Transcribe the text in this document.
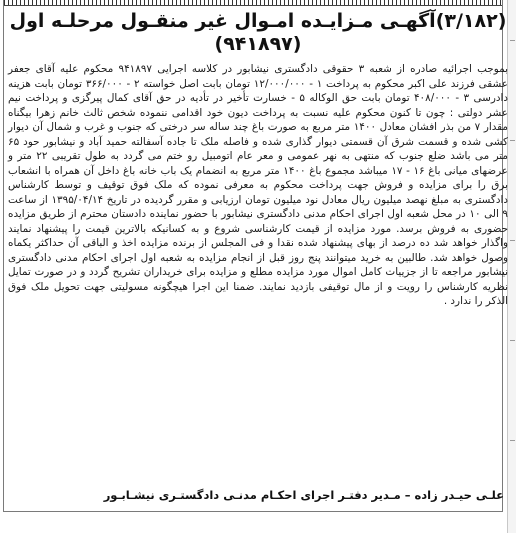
(۳/۱۸۲)آگهـی مـزایـده امـوال غیر منقـول مرحلـه اول (۹۴۱۸۹۷)
بموجب اجرائیه صادره از شعبه ۳ حقوقی دادگستری نیشابور در کلاسه اجرایی ۹۴۱۸۹۷ محکوم علیه آقای جعفر عشقی فرزند علی اکبر محکوم به پرداخت ۱ - ۱۲/۰۰۰/۰۰۰ تومان بابت اصل خواسته ۲ - ۳۶۶/۰۰۰ تومان بابت هزینه دادرسی ۳ - ۴۰۸/۰۰۰ تومان بابت حق الوکاله ۵ - خسارت تأخیر در تأدیه در حق آقای کمال پیرگزی و پرداخت نیم عشر دولتی : چون تا کنون محکوم علیه نسبت به پرداخت دیون خود اقدامی ننموده شخص ثالث خانم زهرا بیگناه مقدار ۷ من بذر افشان معادل ۱۴۰۰ متر مربع به صورت باغ چند ساله سر درختی که جنوب و غرب و شمال آن دیوار کشی شده و قسمت شرق آن قسمتی دیوار گذاری شده و فاصله ملک تا جاده آسفالته حمید آباد و نیشابور حود ۶۵ متر می باشد ضلع جنوب که منتهی به نهر عمومی و معر عام اتومبیل رو ختم می گردد به طول تقریبی ۲۲ متر و عرضهای میانی باغ ۱۶ - ۱۷ میباشد مجموع باغ ۱۴۰۰ متر مربع به انضمام یک باب خانه باغ داخل آن همراه با انشعاب برق را برای مزایده و فروش جهت پرداخت محکوم به معرفی نموده که ملک فوق توقیف و توسط کارشناس دادگستری به مبلغ نهصد میلیون ریال معادل نود میلیون تومان ارزیابی و مقرر گردیده در تاریخ ۱۳۹۵/۰۴/۱۴ از ساعت ۹ الی ۱۰ در محل شعبه اول اجرای احکام مدنی دادگستری نیشابور با حضور نماینده دادستان محترم از طریق مزایده حضوری به فروش برسد. مورد مزایده از قیمت کارشناسی شروع و به کسانیکه بالاترین قیمت را پیشنهاد نمایند واگذار خواهد شد ده درصد از بهای پیشنهاد شده نقدا و فی المجلس از برنده مزایده اخذ و الباقی آن حداکثر یکماه وصول خواهد شد. طالبین به خرید میتوانند پنج روز قبل از انجام مزایده به شعبه اول اجرای احکام مدنی دادگستری نیشابور مراجعه تا از جزییات کامل اموال مورد مزایده مطلع و مزایده برای خریداران تشریح گردد و در صورت تمایل نظریه کارشناس را رویت و از مال توقیفی بازدید نمایند. ضمنا این اجرا هیچگونه مسولیتی جهت تحویل ملک فوق الذکر را ندارد .
علـی حیـدر زاده – مـدیر دفتـر اجرای احکـام مدنـی دادگستـری نیشـابـور
